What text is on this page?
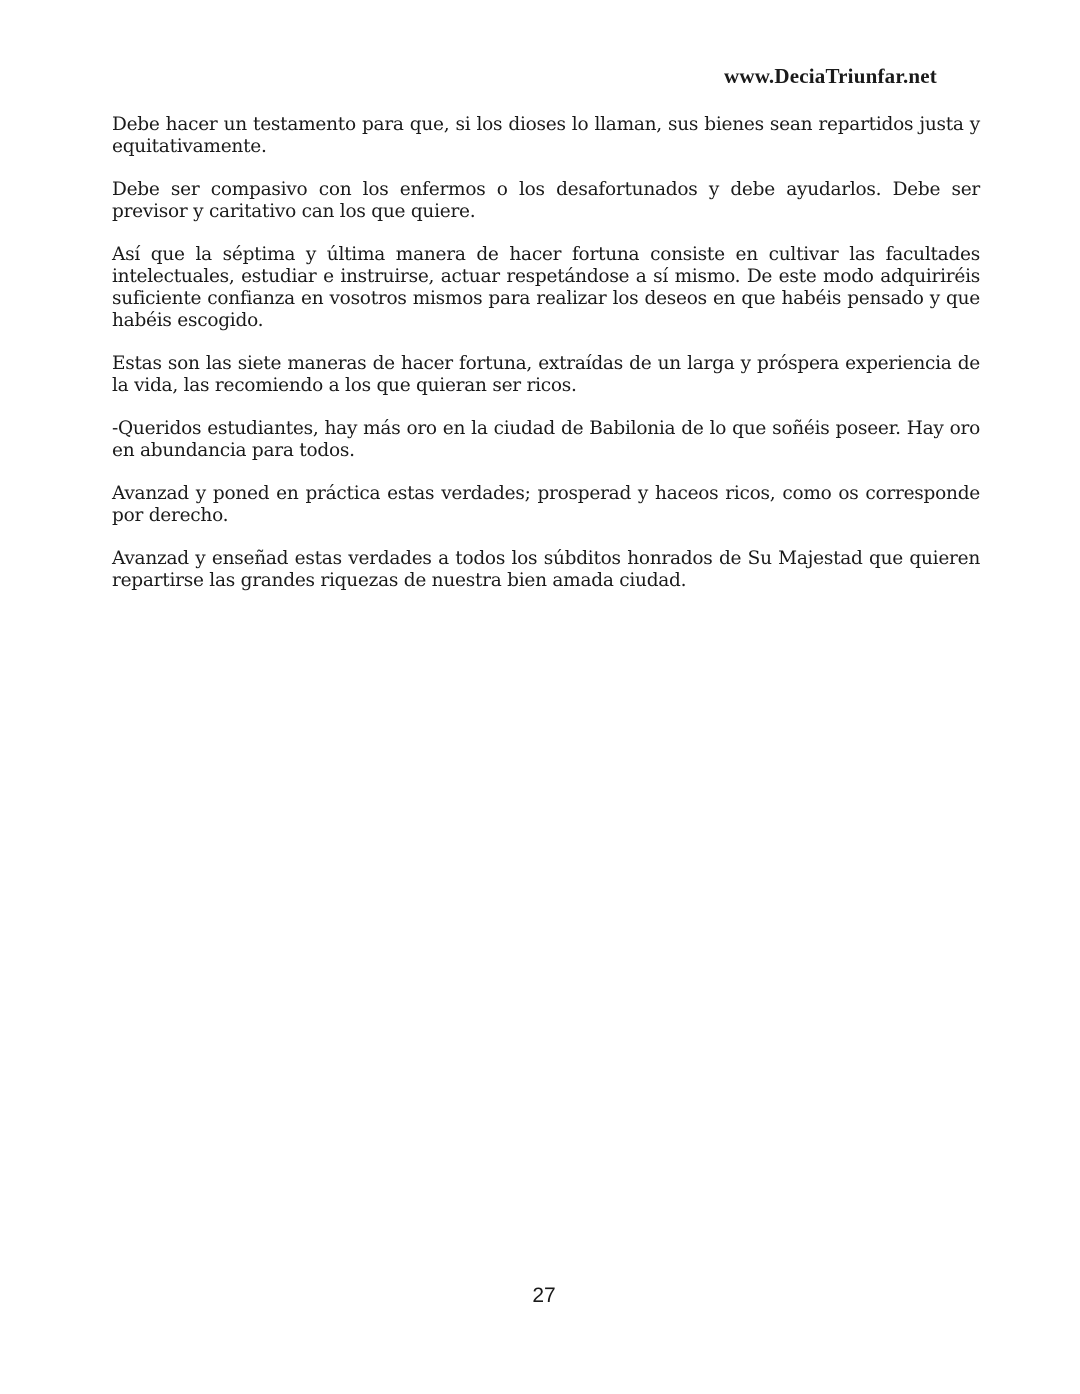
www.DeciaTriunfar.net

Debe hacer un testamento para que, si los dioses lo llaman, sus bienes sean repartidos justa y equitativamente.

Debe ser compasivo con los enfermos o los desafortunados y debe ayudarlos. Debe ser previsor y caritativo can los que quiere.

Así que la séptima y última manera de hacer fortuna consiste en cultivar las facultades intelectuales, estudiar e instruirse, actuar respetándose a sí mismo. De este modo adquiriréis suficiente confianza en vosotros mismos para realizar los deseos en que habéis pensado y que habéis escogido.

Estas son las siete maneras de hacer fortuna, extraídas de un larga y próspera experiencia de la vida, las recomiendo a los que quieran ser ricos.

-Queridos estudiantes, hay más oro en la ciudad de Babilonia de lo que soñéis poseer. Hay oro en abundancia para todos.

Avanzad y poned en práctica estas verdades; prosperad y haceos ricos, como os corresponde por derecho.

Avanzad y enseñad estas verdades a todos los súbditos honrados de Su Majestad que quieren repartirse las grandes riquezas de nuestra bien amada ciudad.

27
